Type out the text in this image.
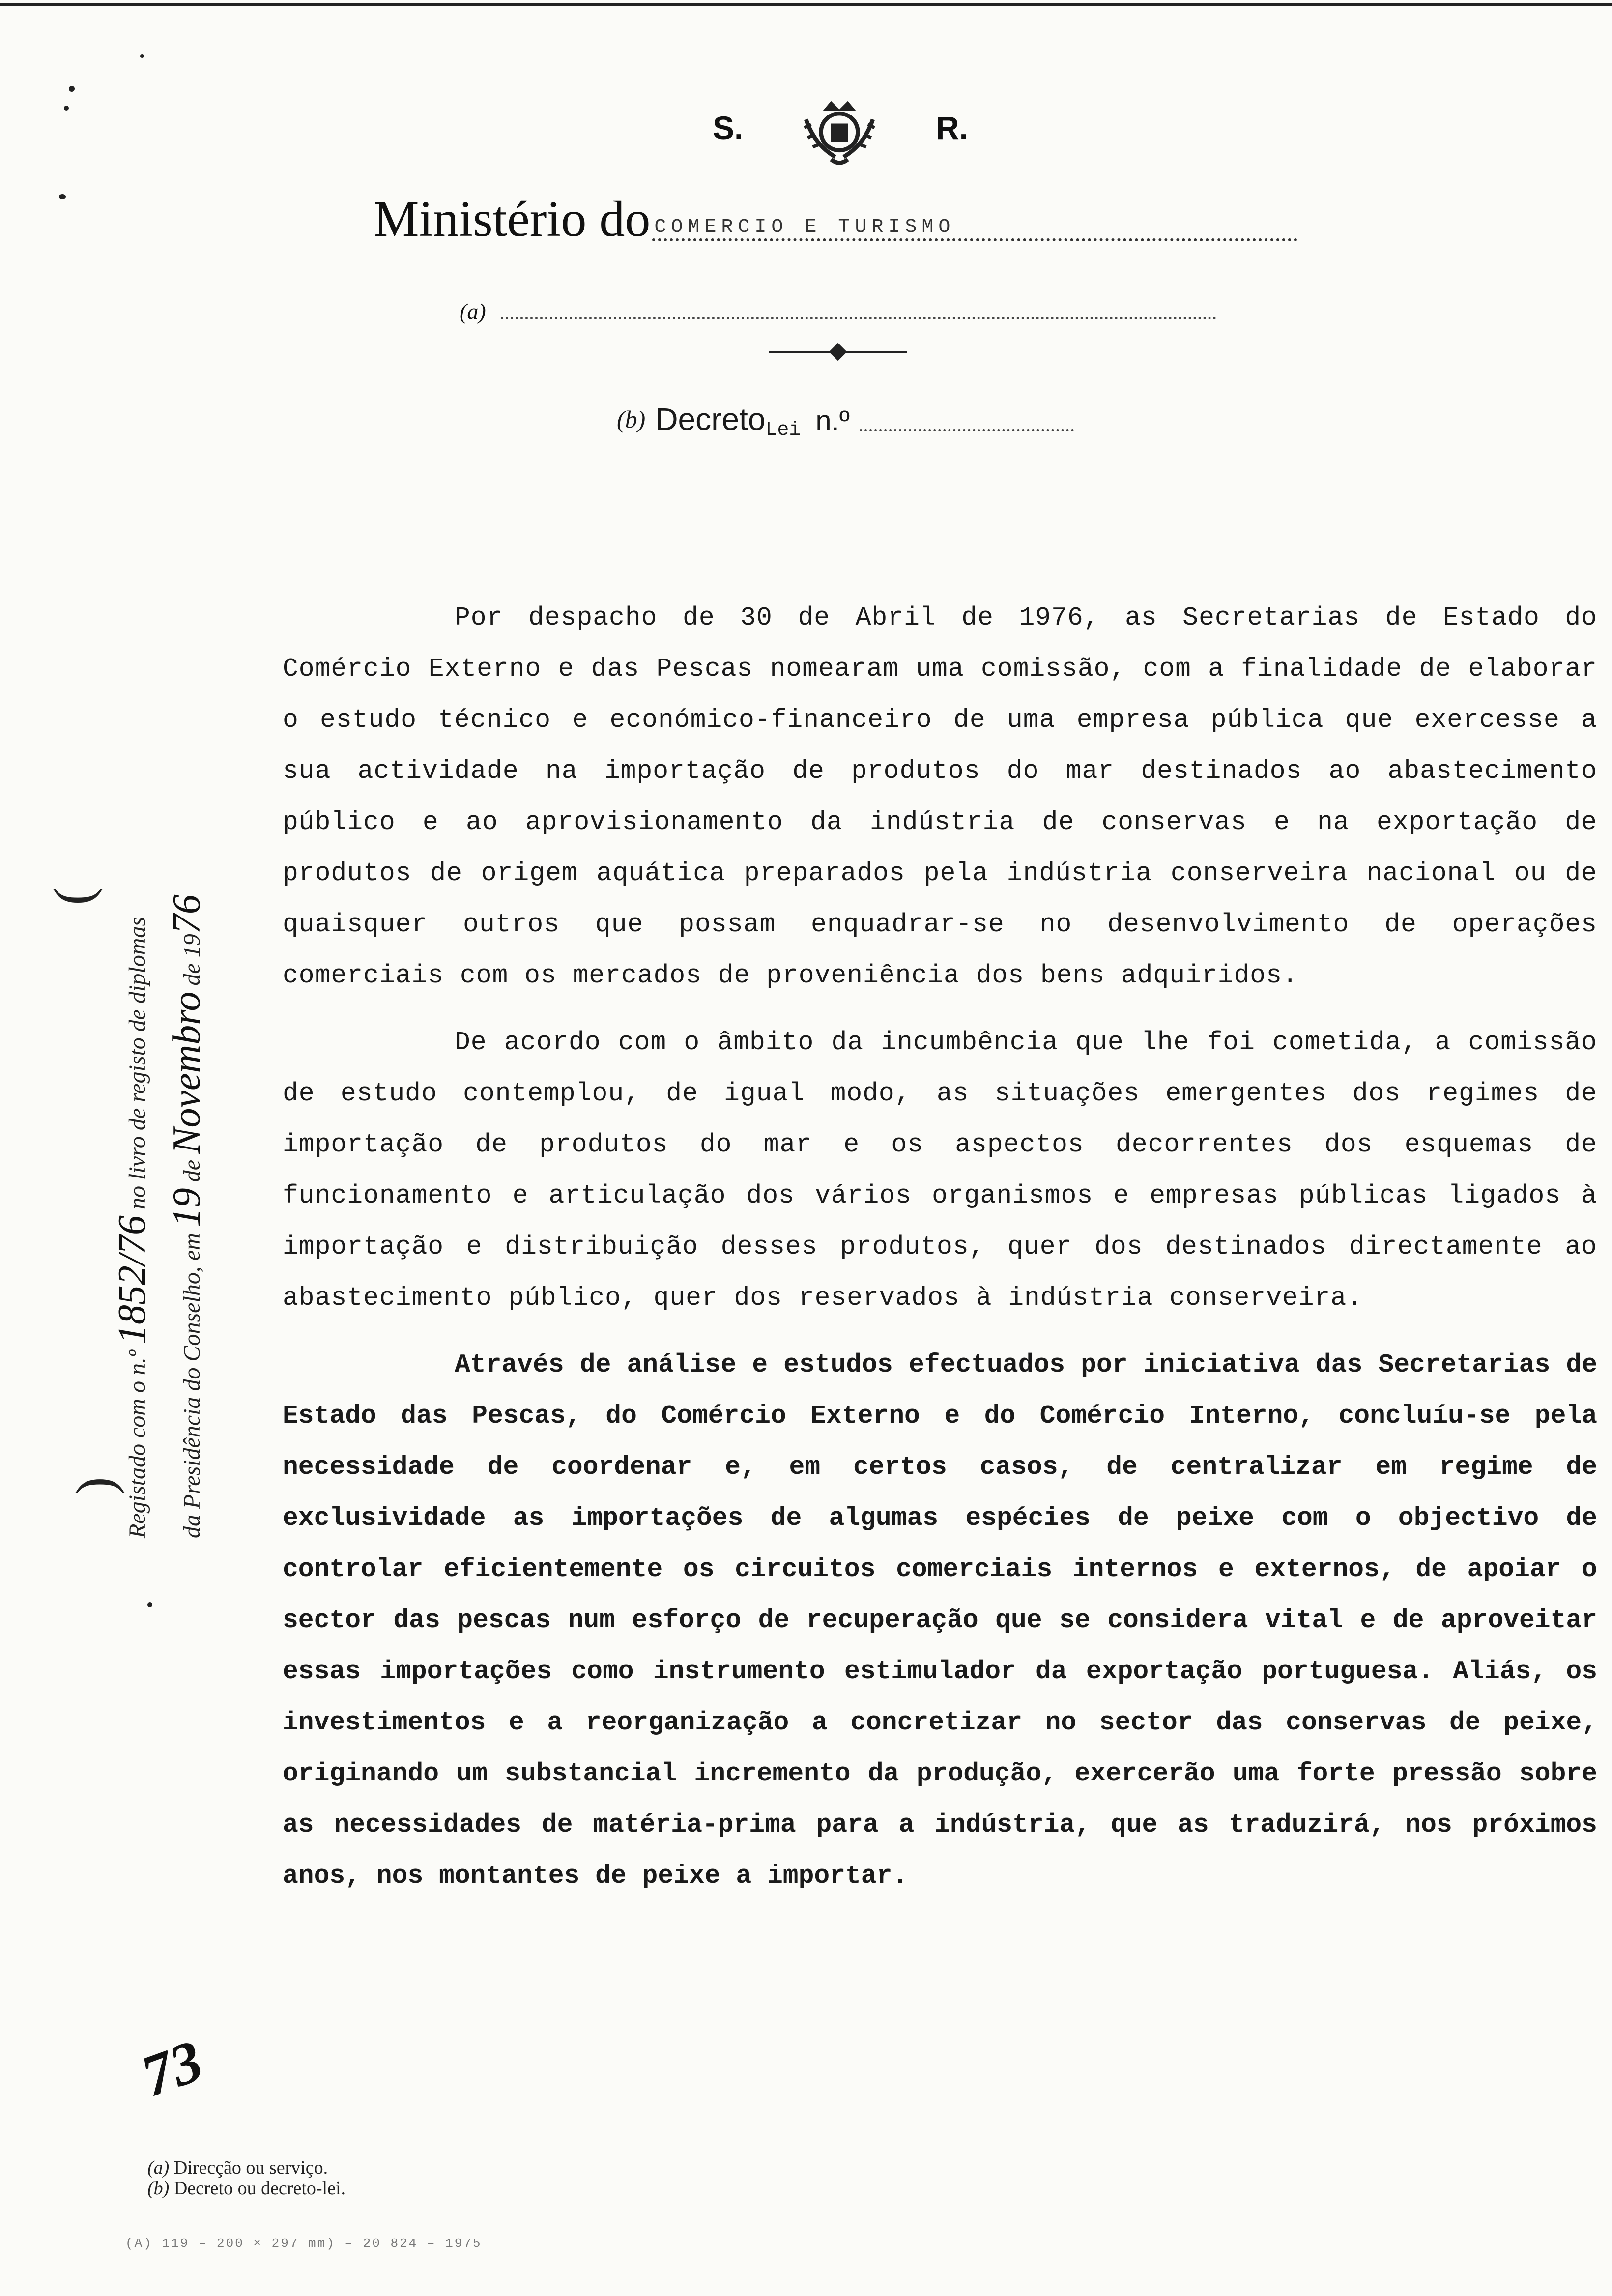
S.	R.
Ministério do COMERCIO E TURISMO
(a)
(b) Decreto Lei n.º
Registado com o n.º 1852/76 no livro de registo de diplomas
da Presidência do Conselho, em 19 de Novembro de 1976
(
)

Por despacho de 30 de Abril de 1976, as Secretarias de Estado do Comércio Externo e das Pescas nomearam uma comissão, com a finalidade de elaborar o estudo técnico e económico-financeiro de uma empresa pública que exercesse a sua actividade na importação de produtos do mar destinados ao abastecimento público e ao aprovisionamento da indústria de conservas e na exportação de produtos de origem aquática preparados pela indústria conserveira nacional ou de quaisquer outros que possam enquadrar-se no desenvolvimento de operações comerciais com os mercados de proveniência dos bens adquiridos.

De acordo com o âmbito da incumbência que lhe foi cometida, a comissão de estudo contemplou, de igual modo, as situações emergentes dos regimes de importação de produtos do mar e os aspectos decorrentes dos esquemas de funcionamento e articulação dos vários organismos e empresas públicas ligados à importação e distribuição desses produtos, quer dos destinados directamente ao abastecimento público, quer dos reservados à indústria conserveira.

Através de análise e estudos efectuados por iniciativa das Secretarias de Estado das Pescas, do Comércio Externo e do Comércio Interno, concluíu-se pela necessidade de coordenar e, em certos casos, de centralizar em regime de exclusividade as importações de algumas espécies de peixe com o objectivo de controlar eficientemente os circuitos comerciais internos e externos, de apoiar o sector das pescas num esforço de recuperação que se considera vital e de aproveitar essas importações como instrumento estimulador da exportação portuguesa. Aliás, os investimentos e a reorganização a concretizar no sector das conservas de peixe, originando um substancial incremento da produção, exercerão uma forte pressão sobre as necessidades de matéria-prima para a indústria, que as traduzirá, nos próximos anos, nos montantes de peixe a importar.

73
(a) Direcção ou serviço.
(b) Decreto ou decreto-lei.
(A) 119 – 200 × 297 mm) – 20 824 – 1975
